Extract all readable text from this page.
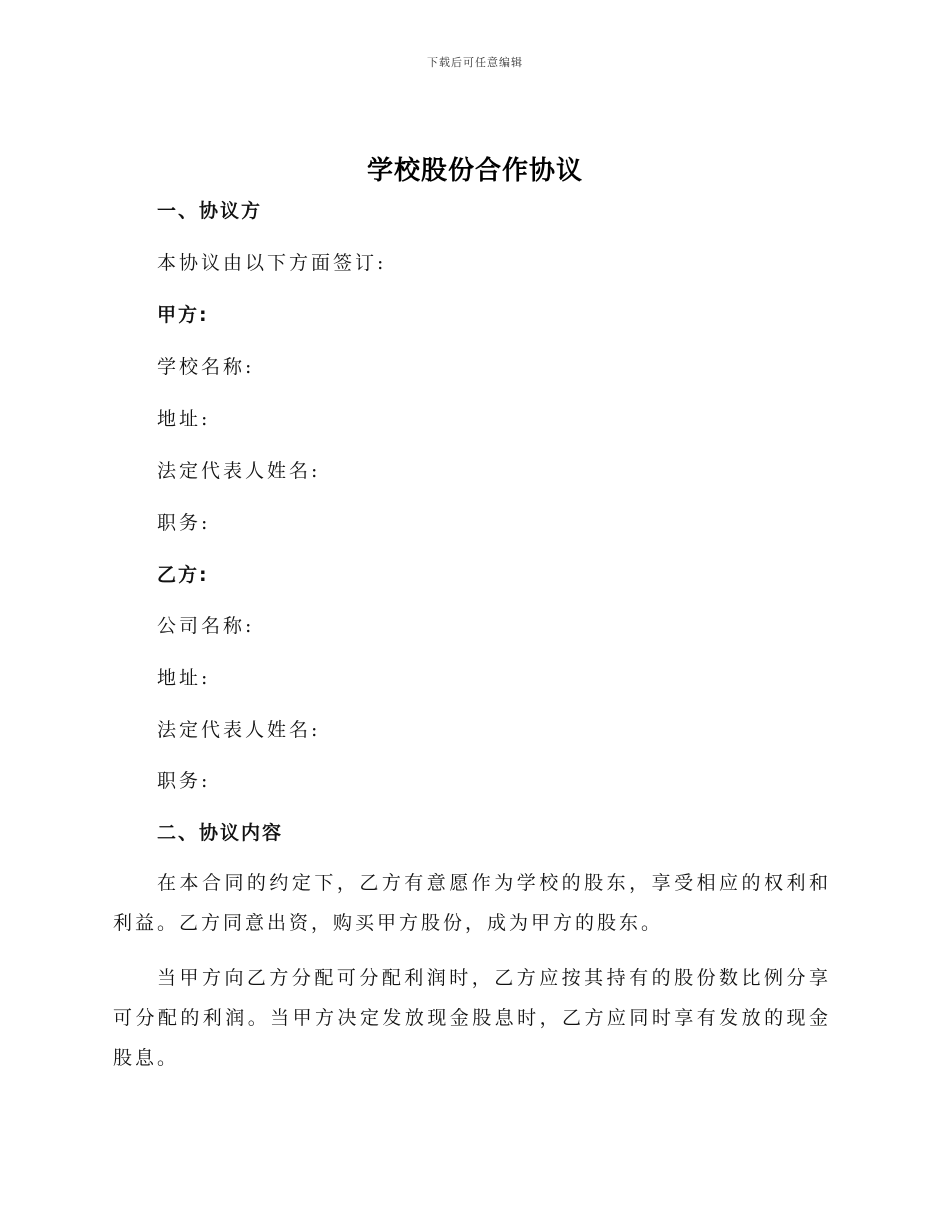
下载后可任意编辑
学校股份合作协议
一、协议方
本协议由以下方面签订:
甲方:
学校名称:
地址:
法定代表人姓名:
职务:
乙方:
公司名称:
地址:
法定代表人姓名:
职务:
二、协议内容
在本合同的约定下，乙方有意愿作为学校的股东，享受相应的权利和利益。乙方同意出资，购买甲方股份，成为甲方的股东。
当甲方向乙方分配可分配利润时，乙方应按其持有的股份数比例分享可分配的利润。当甲方决定发放现金股息时，乙方应同时享有发放的现金股息。
